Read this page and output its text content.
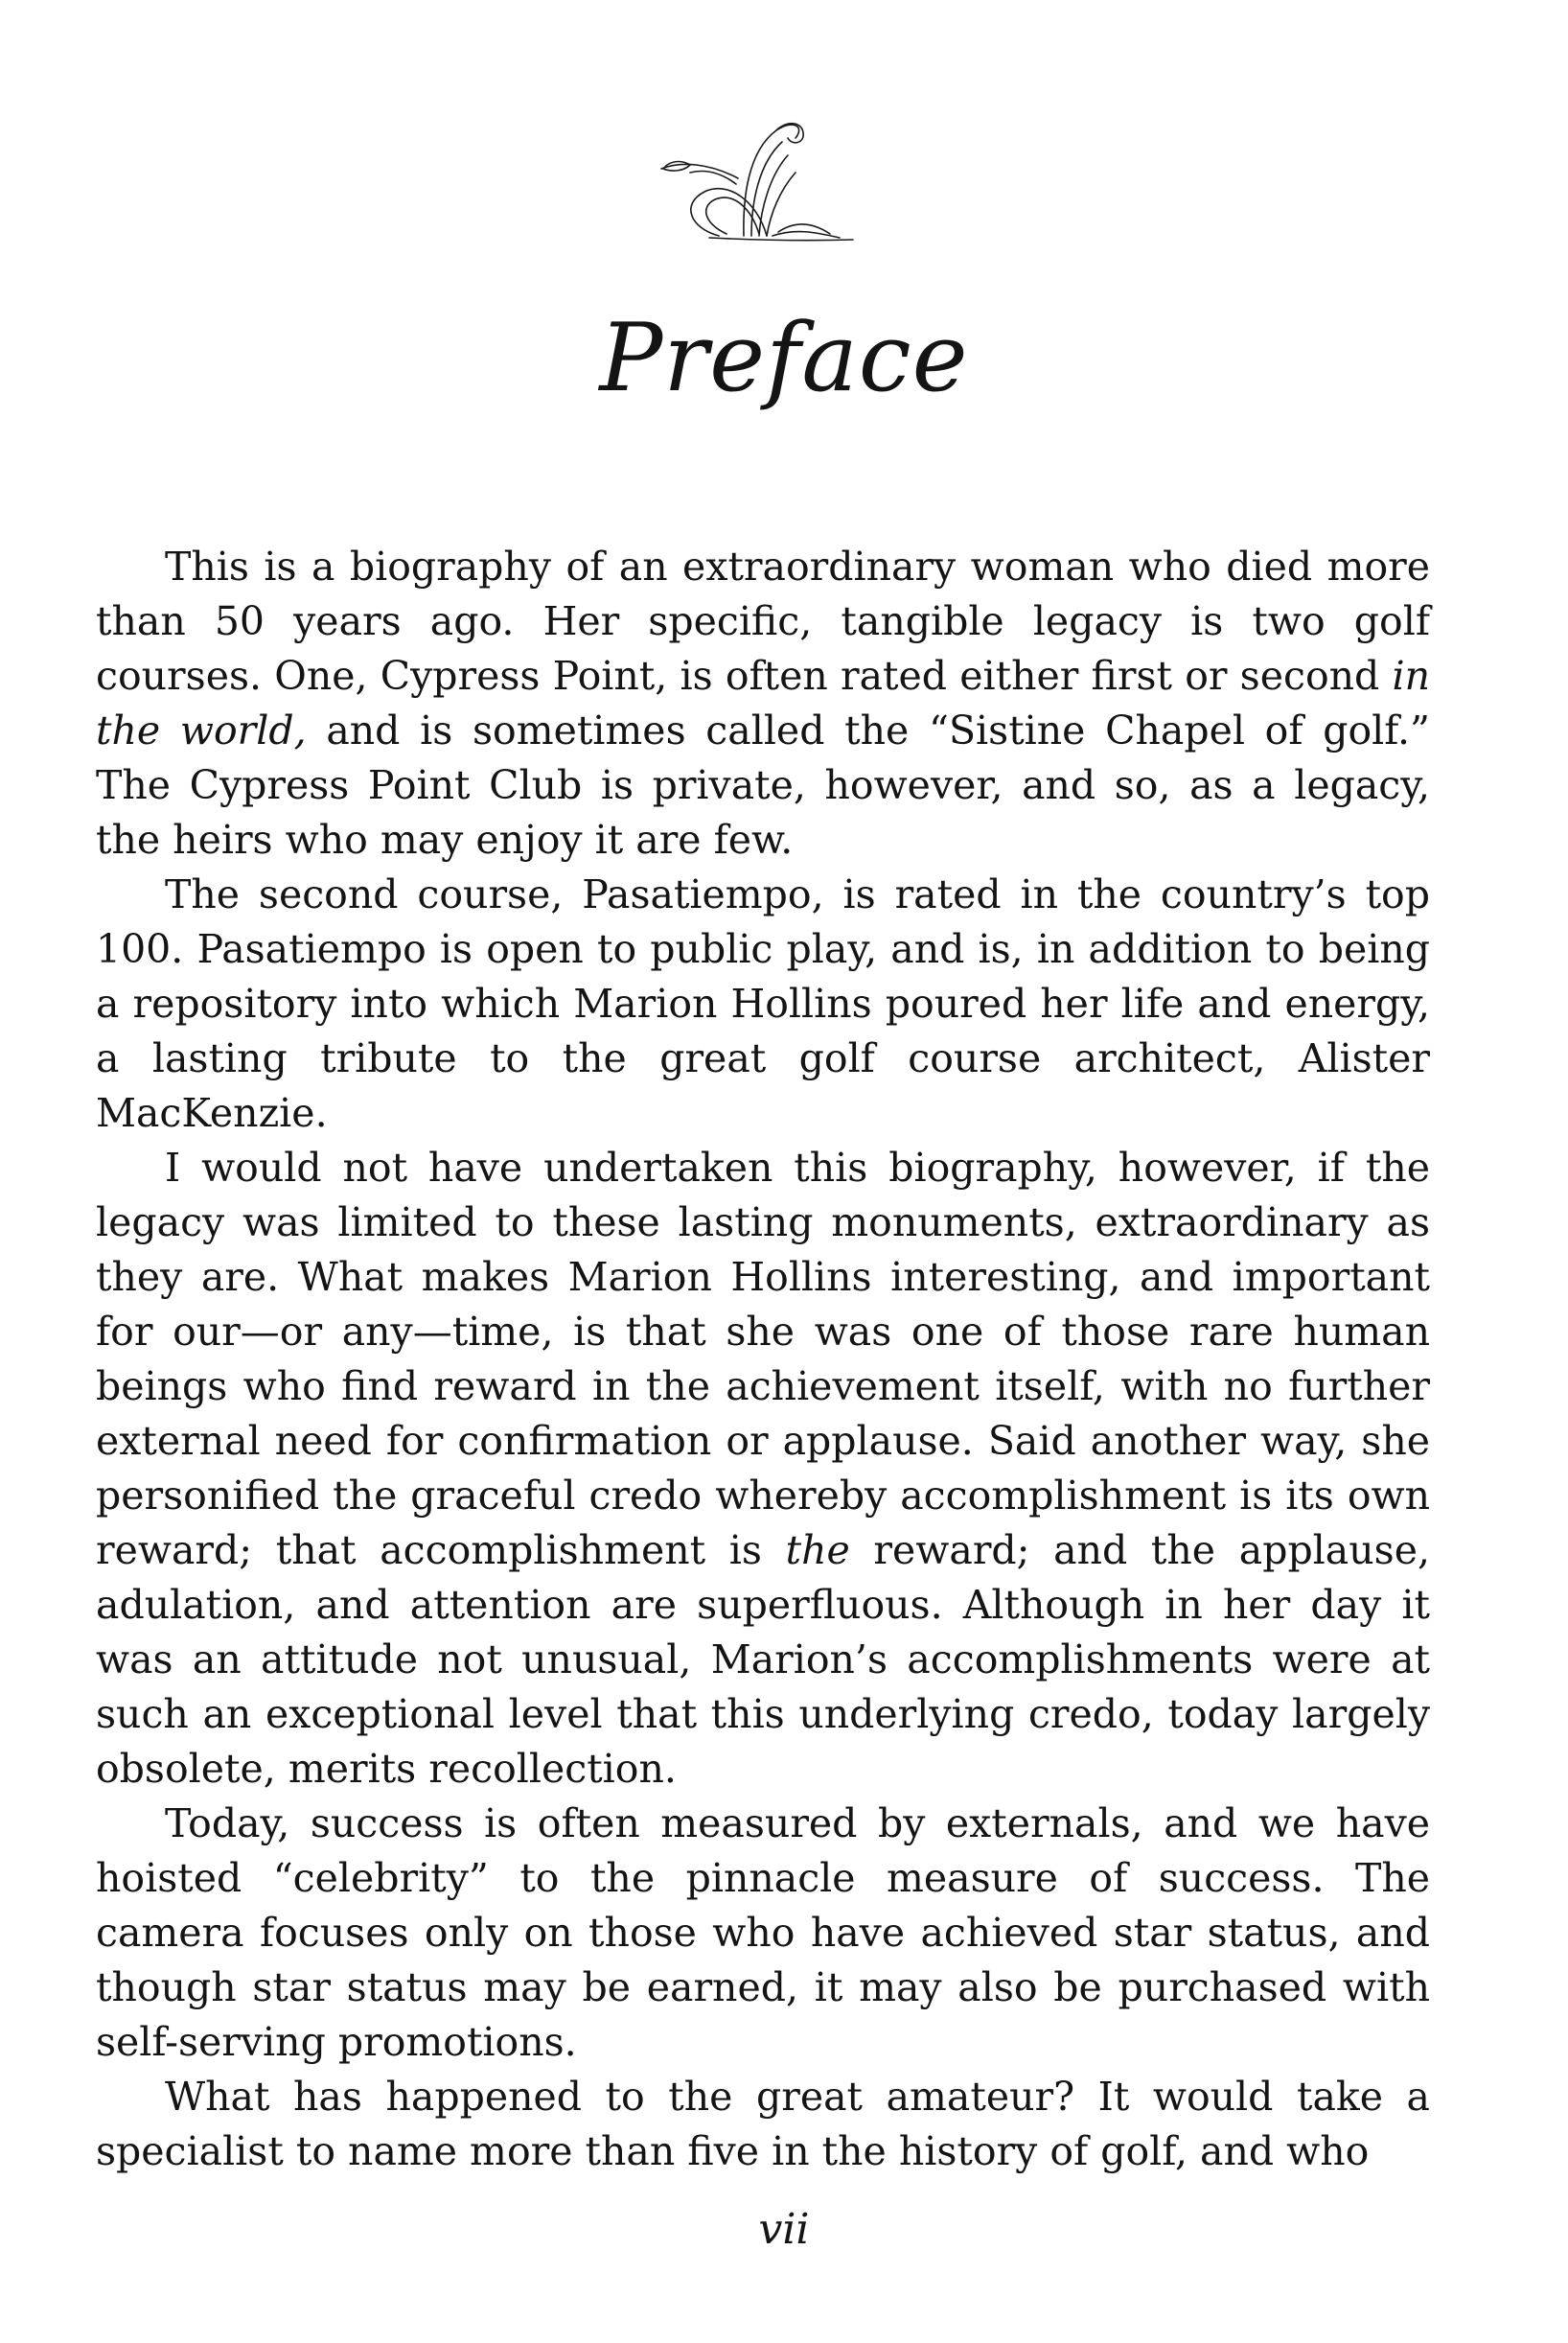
Preface

This is a biography of an extraordinary woman who died more than 50 years ago. Her specific, tangible legacy is two golf courses. One, Cypress Point, is often rated either first or second in the world, and is sometimes called the “Sistine Chapel of golf.” The Cypress Point Club is private, however, and so, as a legacy, the heirs who may enjoy it are few.

The second course, Pasatiempo, is rated in the country’s top 100. Pasatiempo is open to public play, and is, in addition to being a repository into which Marion Hollins poured her life and energy, a lasting tribute to the great golf course architect, Alister MacKenzie.

I would not have undertaken this biography, however, if the legacy was limited to these lasting monuments, extraordinary as they are. What makes Marion Hollins interesting, and important for our—or any—time, is that she was one of those rare human beings who find reward in the achievement itself, with no further external need for confirmation or applause. Said another way, she personified the graceful credo whereby accomplishment is its own reward; that accomplishment is the reward; and the applause, adulation, and attention are superfluous. Although in her day it was an attitude not unusual, Marion’s accomplishments were at such an exceptional level that this underlying credo, today largely obsolete, merits recollection.

Today, success is often measured by externals, and we have hoisted “celebrity” to the pinnacle measure of success. The camera focuses only on those who have achieved star status, and though star status may be earned, it may also be purchased with self-serving promotions.

What has happened to the great amateur? It would take a specialist to name more than five in the history of golf, and who

vii
